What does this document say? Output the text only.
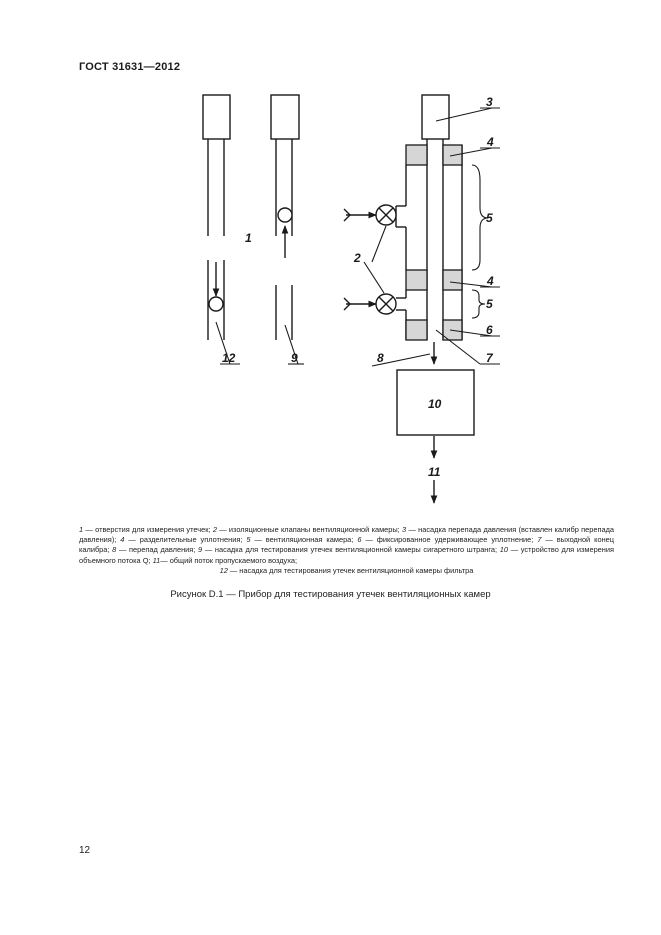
ГОСТ 31631—2012
1
12	9
3
4
5
2
4
5
6
8	7
10
11
1 — отверстия для измерения утечек; 2 — изоляционные клапаны вентиляционной камеры; 3 — насадка перепада давления (вставлен калибр перепада давления); 4 — разделительные уплотнения; 5 — вентиляционная камера; 6 — фиксированное удерживающее уплотнение; 7 — выходной конец калибра; 8 — перепад давления; 9 — насадка для тестирования утечек вентиляционной камеры сигаретного штранга; 10 — устройство для измерения объемного потока Q; 11— общий поток пропускаемого воздуха;
12 — насадка для тестирования утечек вентиляционной камеры фильтра
Рисунок D.1 — Прибор для тестирования утечек вентиляционных камер
12
